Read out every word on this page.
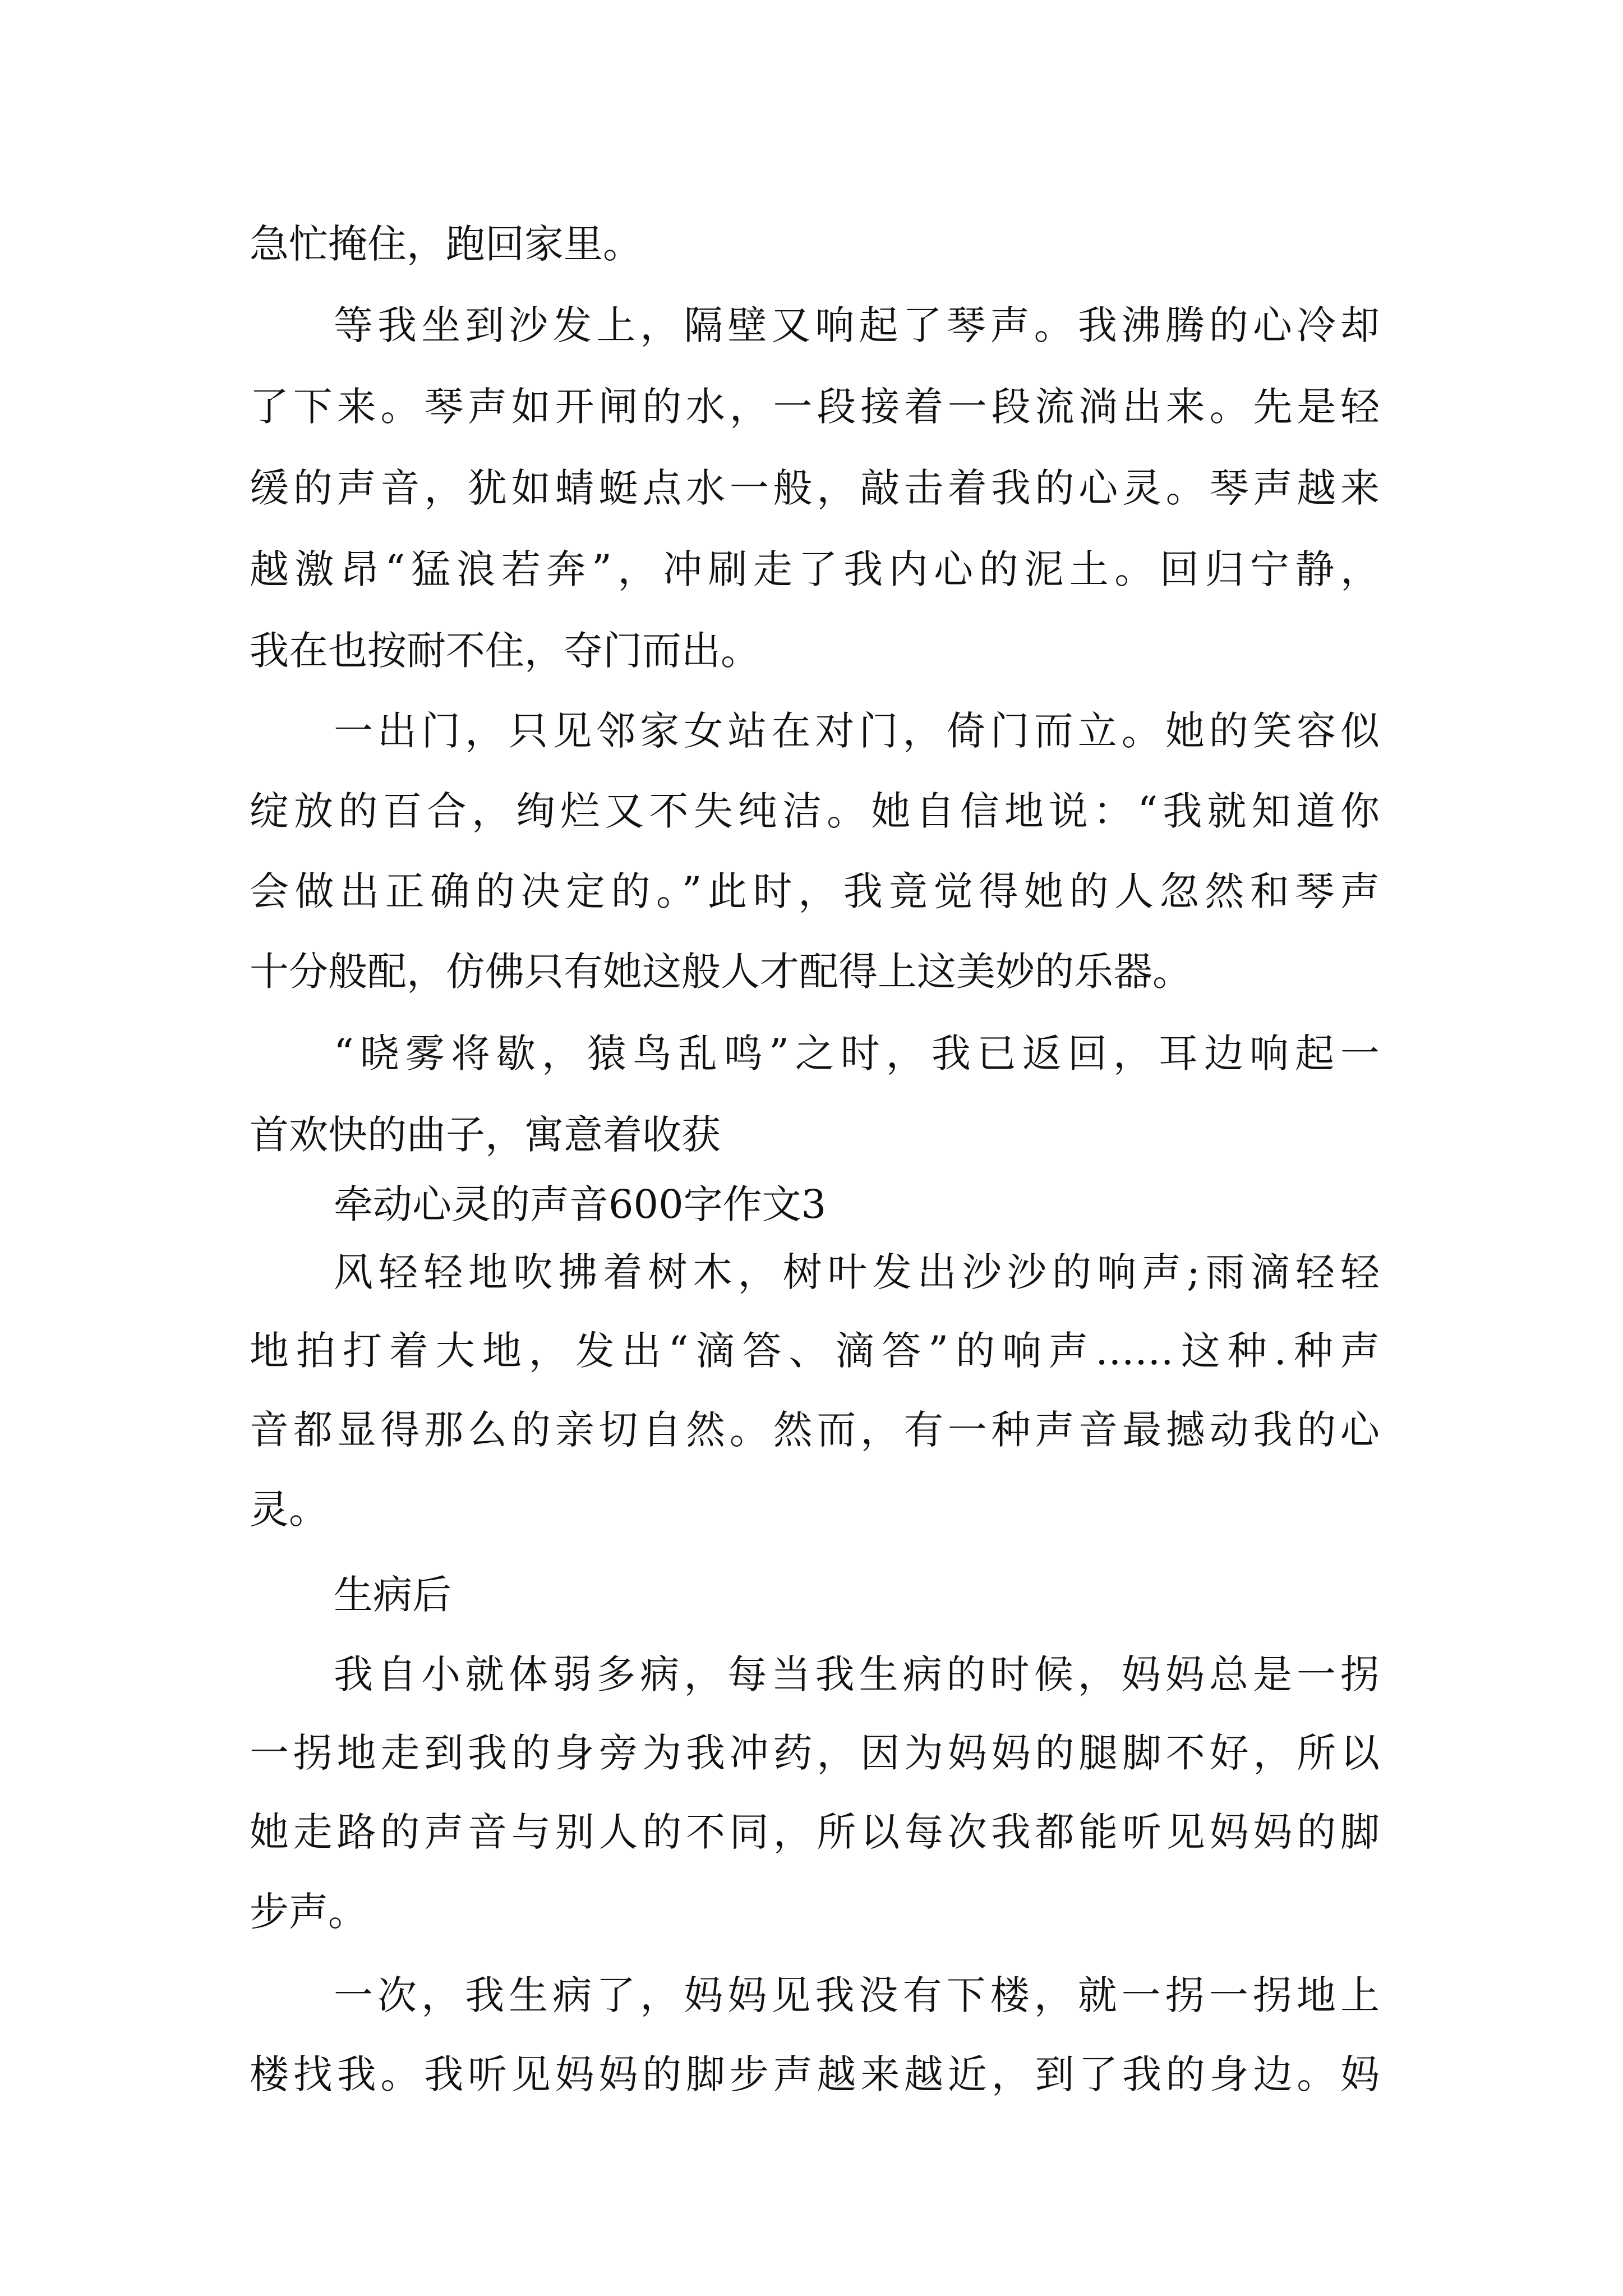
急忙掩住，跑回家里。

等我坐到沙发上，隔壁又响起了琴声。我沸腾的心冷却

了下来。琴声如开闸的水，一段接着一段流淌出来。先是轻

缓的声音，犹如蜻蜓点水一般，敲击着我的心灵。琴声越来

越激昂“猛浪若奔”，冲刷走了我内心的泥土。回归宁静，

我在也按耐不住，夺门而出。

一出门，只见邻家女站在对门，倚门而立。她的笑容似

绽放的百合，绚烂又不失纯洁。她自信地说：“我就知道你

会做出正确的决定的。”此时，我竟觉得她的人忽然和琴声

十分般配，仿佛只有她这般人才配得上这美妙的乐器。

“晓雾将歇，猿鸟乱鸣”之时，我已返回，耳边响起一

首欢快的曲子，寓意着收获

牵动心灵的声音600字作文3

风轻轻地吹拂着树木，树叶发出沙沙的响声;雨滴轻轻

地拍打着大地，发出“滴答、滴答”的响声……这种.种声

音都显得那么的亲切自然。然而，有一种声音最撼动我的心

灵。

生病后

我自小就体弱多病，每当我生病的时候，妈妈总是一拐

一拐地走到我的身旁为我冲药，因为妈妈的腿脚不好，所以

她走路的声音与别人的不同，所以每次我都能听见妈妈的脚

步声。

一次，我生病了，妈妈见我没有下楼，就一拐一拐地上

楼找我。我听见妈妈的脚步声越来越近，到了我的身边。妈
